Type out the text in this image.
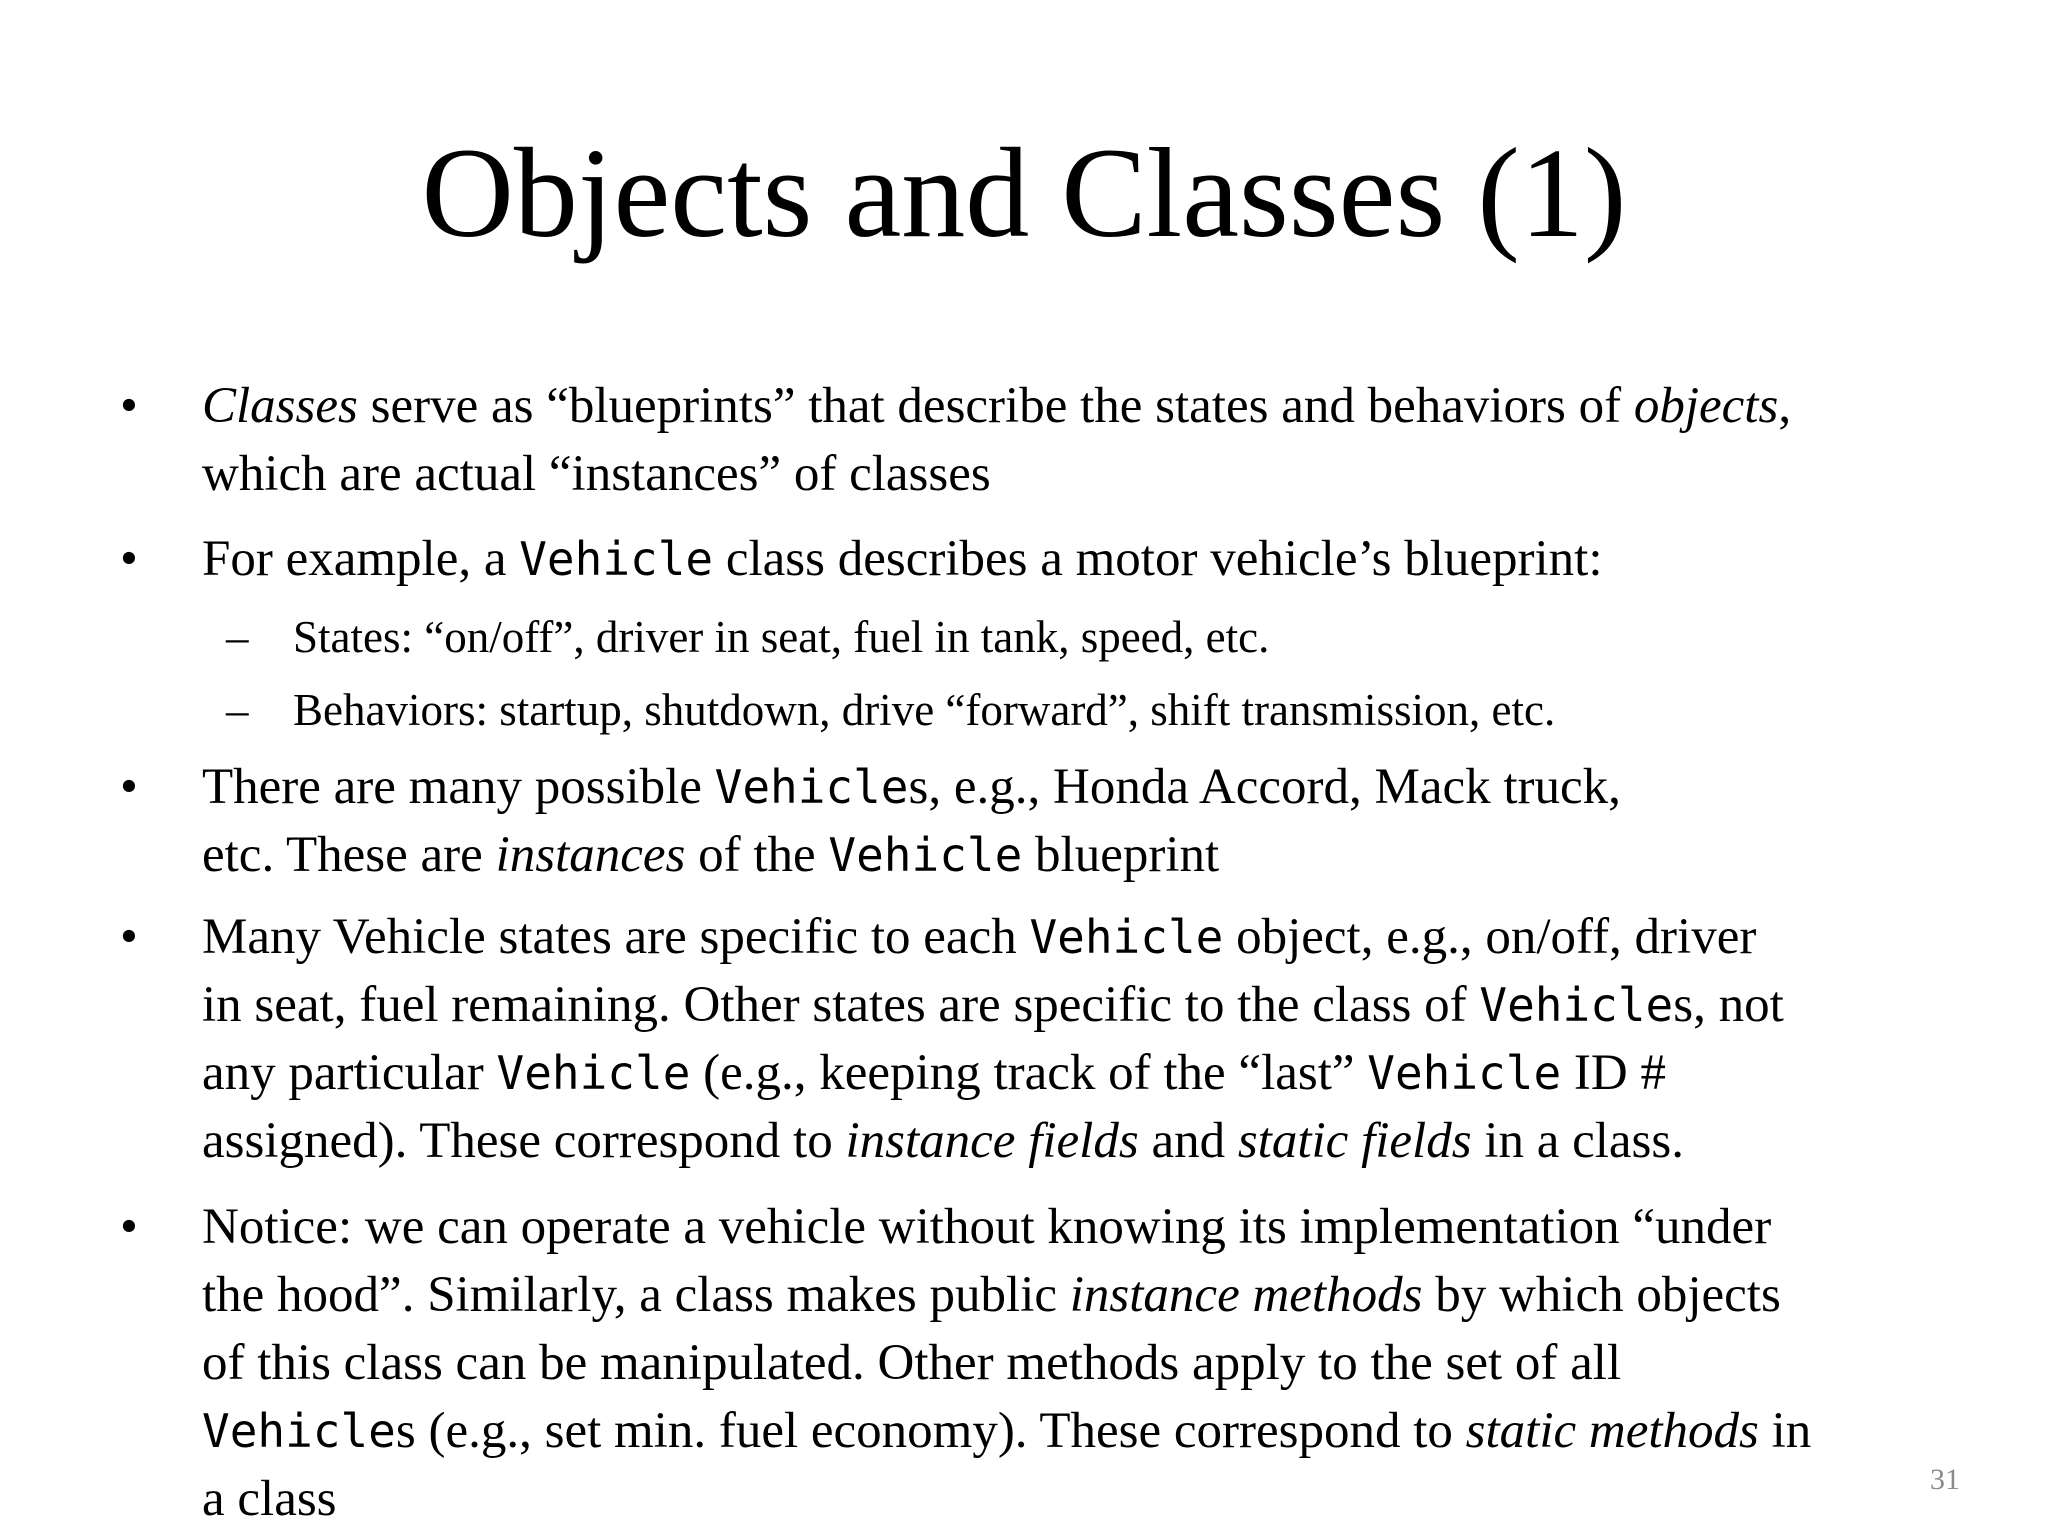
Objects and Classes (1)
• Classes serve as “blueprints” that describe the states and behaviors of objects,
which are actual “instances” of classes
• For example, a Vehicle class describes a motor vehicle’s blueprint:
– States: “on/off”, driver in seat, fuel in tank, speed, etc.
– Behaviors: startup, shutdown, drive “forward”, shift transmission, etc.
• There are many possible Vehicles, e.g., Honda Accord, Mack truck,
etc. These are instances of the Vehicle blueprint
• Many Vehicle states are specific to each Vehicle object, e.g., on/off, driver
in seat, fuel remaining. Other states are specific to the class of Vehicles, not
any particular Vehicle (e.g., keeping track of the “last” Vehicle ID #
assigned). These correspond to instance fields and static fields in a class.
• Notice: we can operate a vehicle without knowing its implementation “under
the hood”. Similarly, a class makes public instance methods by which objects
of this class can be manipulated. Other methods apply to the set of all
Vehicles (e.g., set min. fuel economy). These correspond to static methods in
a class	31
